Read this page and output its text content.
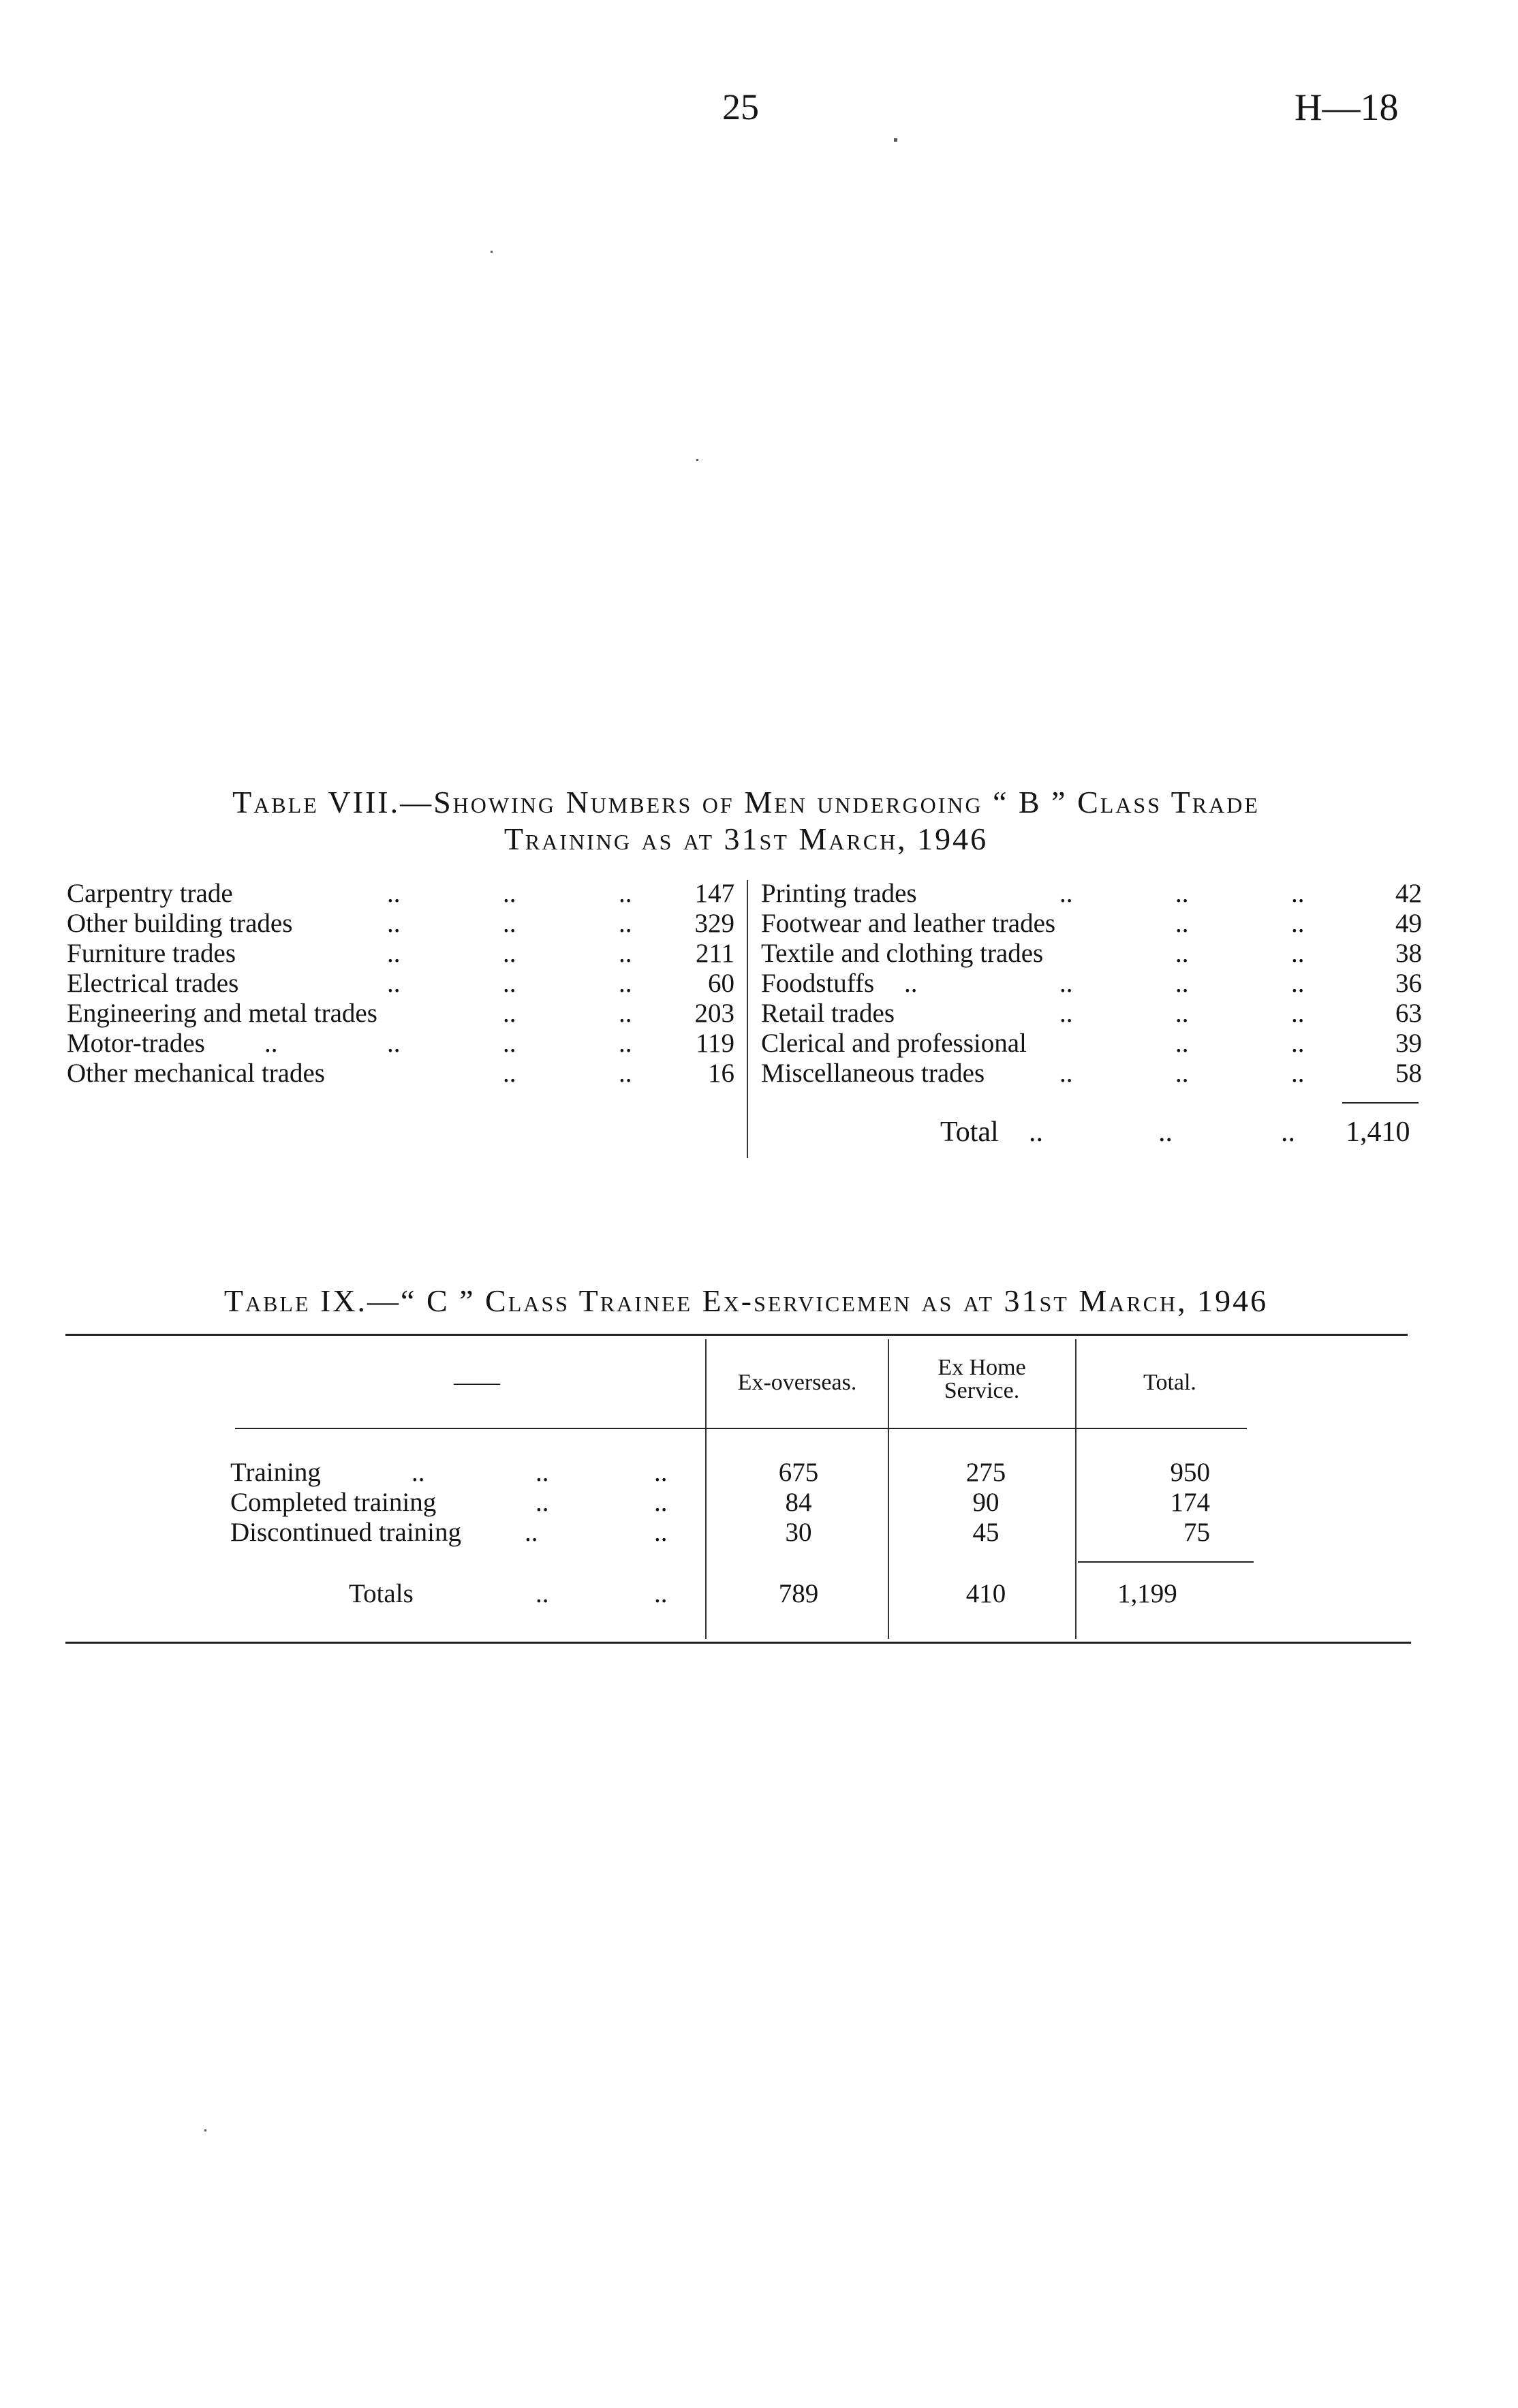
25	H—18
Table VIII.—Showing Numbers of Men undergoing “ B ” Class Trade
Training as at 31st March, 1946
Carpentry trade	..	..	.. 147
Other building trades	..	..	.. 329
Furniture trades	..	..	.. 211
Electrical trades	..	..	..	60
Engineering and metal trades	..	.. 203
Motor-trades ..	..	..	.. 119
Other mechanical trades	..	..	16
Printing trades	..	..	..	42
Footwear and leather trades	..	..	49
Textile and clothing trades	..	..	38
Foodstuffs ..	..	..	..	36
Retail trades	..	..	..	63
Clerical and professional	..	..	39
Miscellaneous trades	..	..	..	58
Total ..	..	.. 1,410
Table IX.—“ C ” Class Trainee Ex-servicemen as at 31st March, 1946
——	Ex-overseas.
Ex Home
Service.	Total.
Training	..	..	..	675	275	950
Completed training	..	..	84	90	174
Discontinued training ..	..	30	45	75
Totals	..	..	789	410	1,199
